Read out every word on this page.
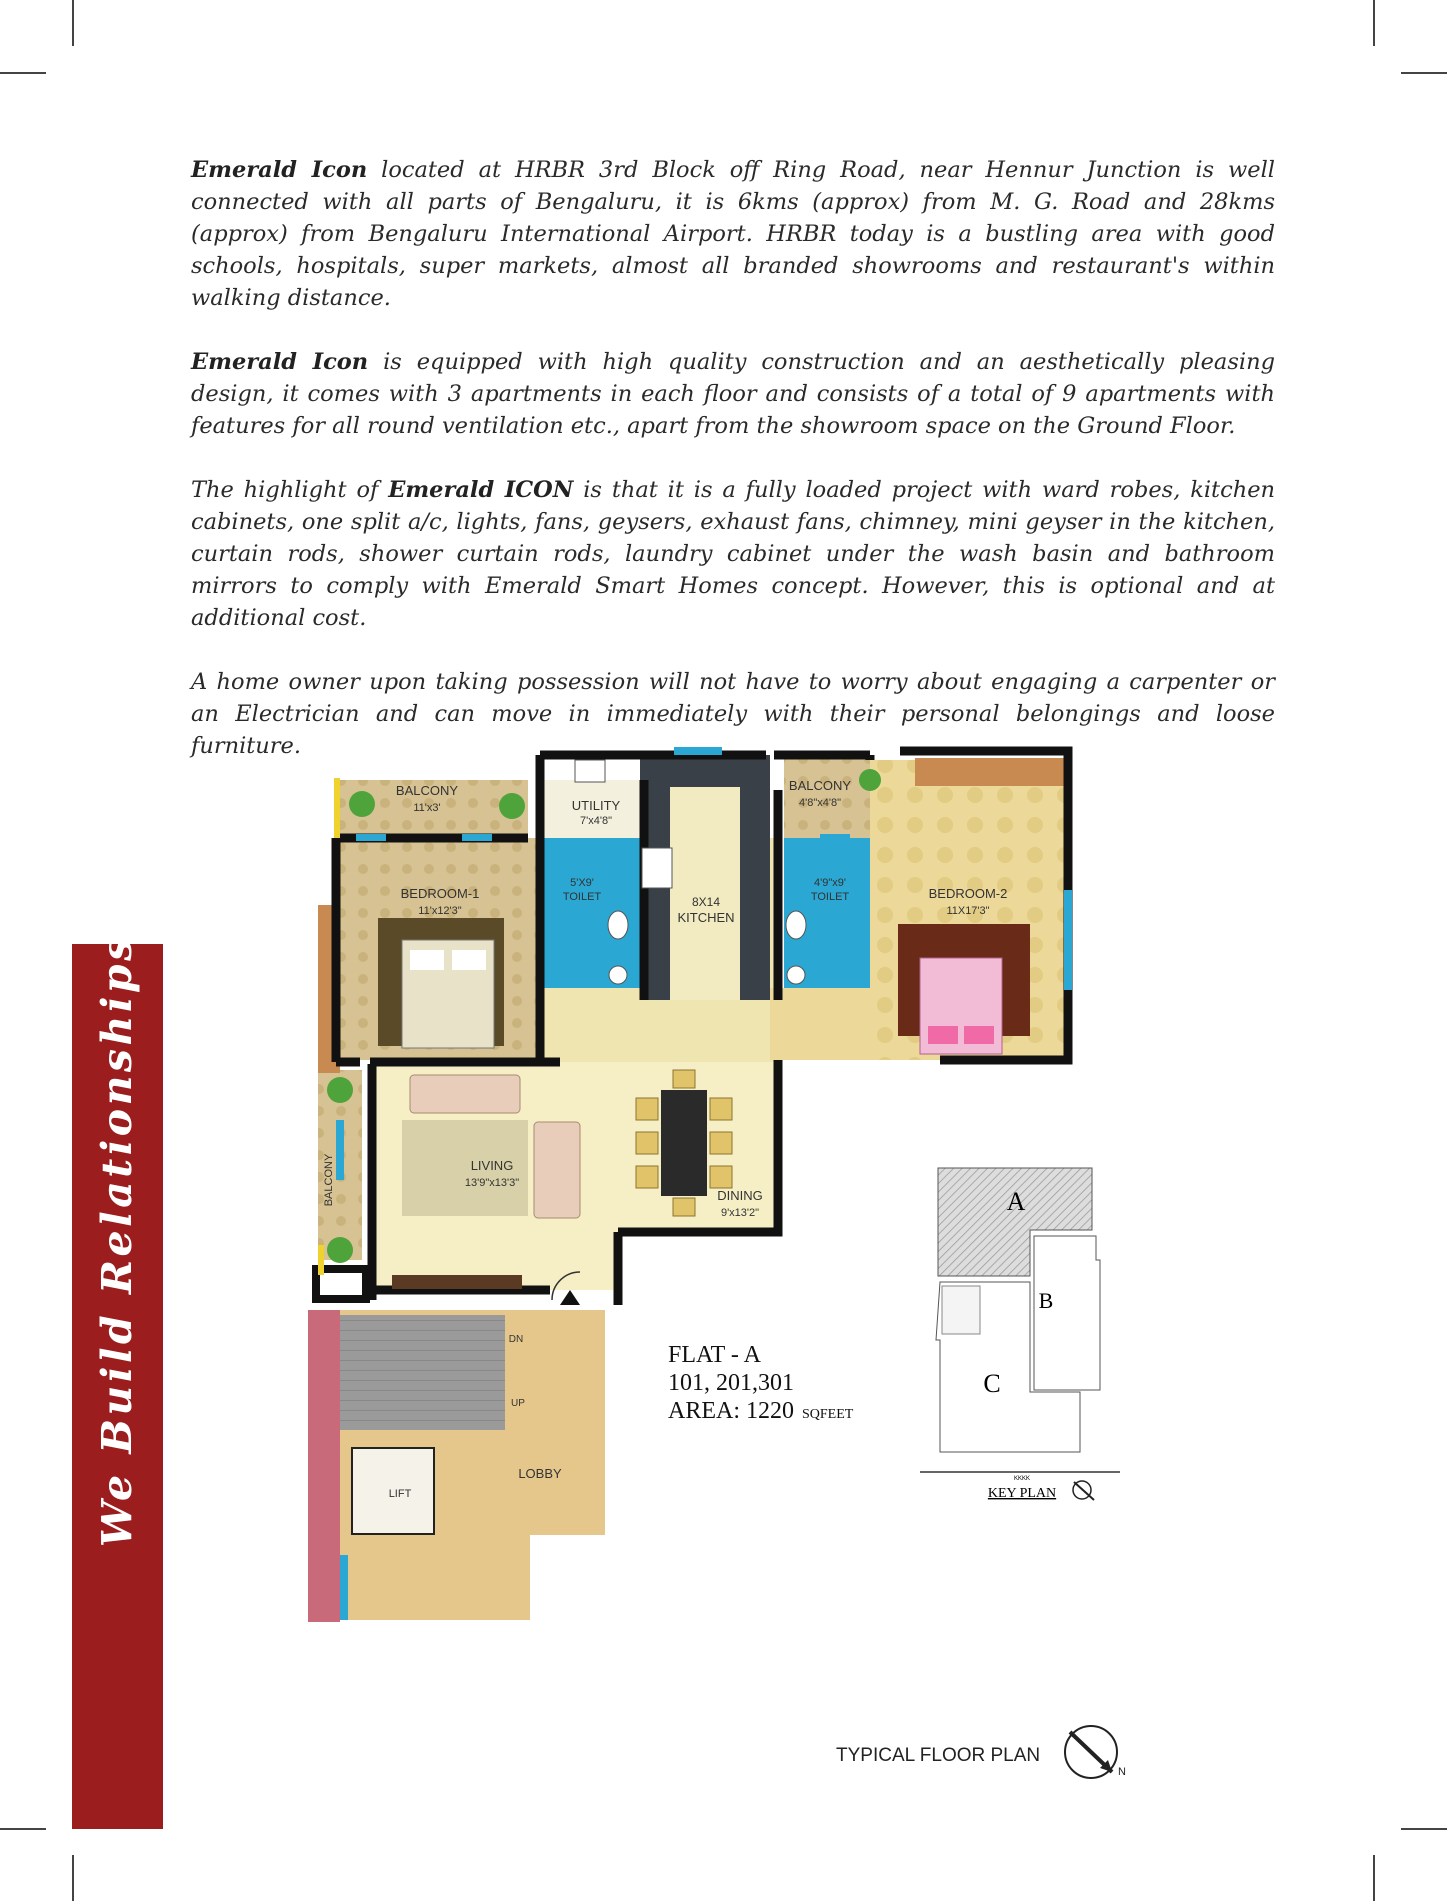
Emerald Icon located at HRBR 3rd Block off Ring Road, near Hennur Junction is well connected with all parts of Bengaluru, it is 6kms (approx) from M. G. Road and 28kms (approx) from Bengaluru International Airport. HRBR today is a bustling area with good schools, hospitals, super markets, almost all branded showrooms and restaurant's within walking distance.

Emerald Icon is equipped with high quality construction and an aesthetically pleasing design, it comes with 3 apartments in each floor and consists of a total of 9 apartments with features for all round ventilation etc., apart from the showroom space on the Ground Floor.

The highlight of Emerald ICON is that it is a fully loaded project with ward robes, kitchen cabinets, one split a/c, lights, fans, geysers, exhaust fans, chimney, mini geyser in the kitchen, curtain rods, shower curtain rods, laundry cabinet under the wash basin and bathroom mirrors to comply with Emerald Smart Homes concept. However, this is optional and at additional cost.

A home owner upon taking possession will not have to worry about engaging a carpenter or an Electrician and can move in immediately with their personal belongings and loose furniture.

We Build Relationships!
BALCONY
11'x3'	UTILITY
7'x4'8"
BALCONY
4'8"x4'8"
BEDROOM-1
11'x12'3"
5'X9'
TOILET	8X14
KITCHEN
4'9"x9'
TOILET	BEDROOM-2
11X17'3"
BALCONY	LIVING
13'9"x13'3"
DINING
9'x13'2"
LOBBY
LIFT
DN
UP
FLAT - A
101, 201,301
AREA: 1220 SQFEET
A
B
C
KKKK
KEY PLAN
TYPICAL FLOOR PLAN
N
